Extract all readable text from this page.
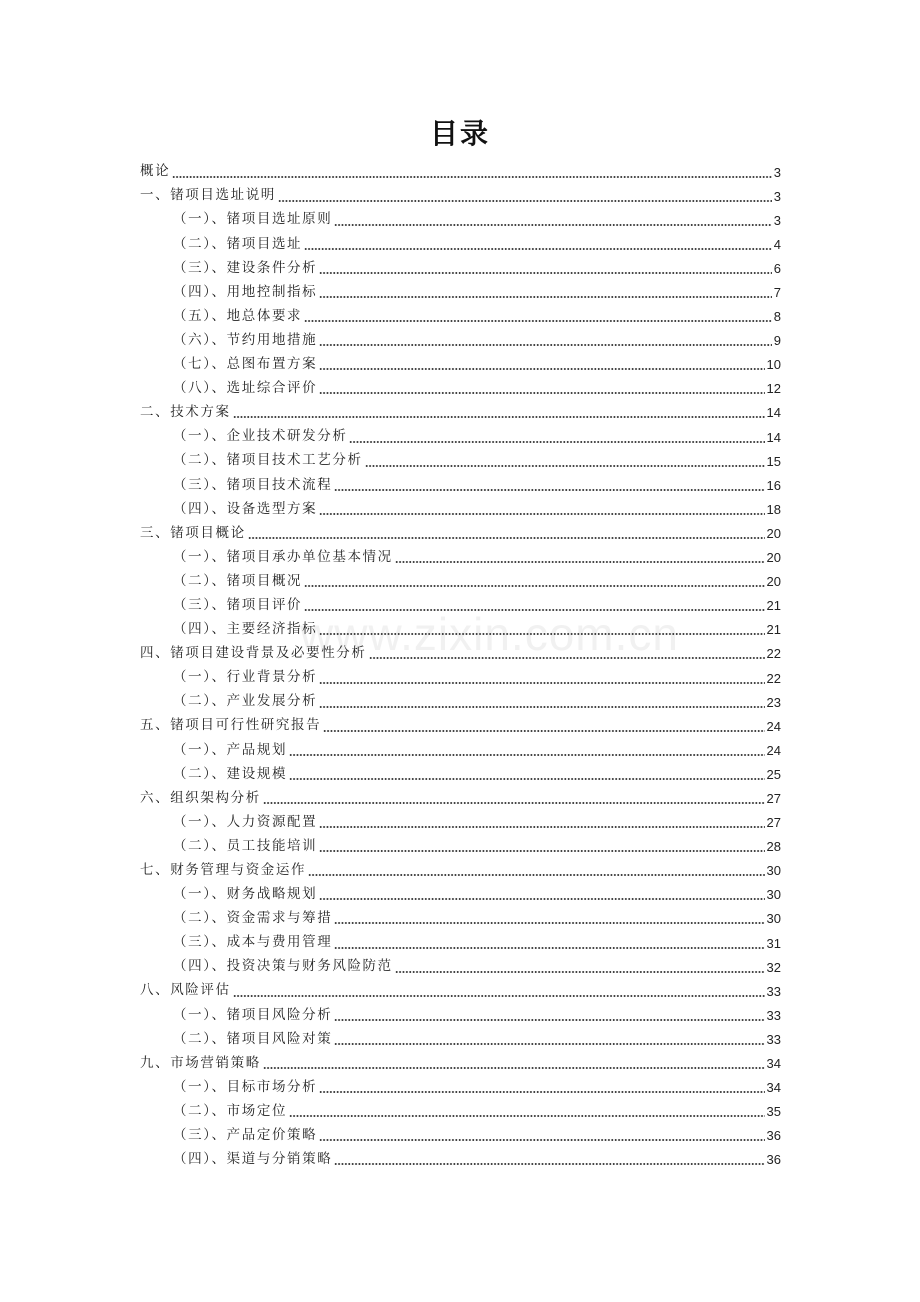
目录
www.zixin.com.cn
概论	3
一、锗项目选址说明	3
（一）、锗项目选址原则	3
（二）、锗项目选址	4
（三）、建设条件分析	6
（四）、用地控制指标	7
（五）、地总体要求	8
（六）、节约用地措施	9
（七）、总图布置方案	10
（八）、选址综合评价	12
二、技术方案	14
（一）、企业技术研发分析	14
（二）、锗项目技术工艺分析	15
（三）、锗项目技术流程	16
（四）、设备选型方案	18
三、锗项目概论	20
（一）、锗项目承办单位基本情况	20
（二）、锗项目概况	20
（三）、锗项目评价	21
（四）、主要经济指标	21
四、锗项目建设背景及必要性分析	22
（一）、行业背景分析	22
（二）、产业发展分析	23
五、锗项目可行性研究报告	24
（一）、产品规划	24
（二）、建设规模	25
六、组织架构分析	27
（一）、人力资源配置	27
（二）、员工技能培训	28
七、财务管理与资金运作	30
（一）、财务战略规划	30
（二）、资金需求与筹措	30
（三）、成本与费用管理	31
（四）、投资决策与财务风险防范	32
八、风险评估	33
（一）、锗项目风险分析	33
（二）、锗项目风险对策	33
九、市场营销策略	34
（一）、目标市场分析	34
（二）、市场定位	35
（三）、产品定价策略	36
（四）、渠道与分销策略	36
